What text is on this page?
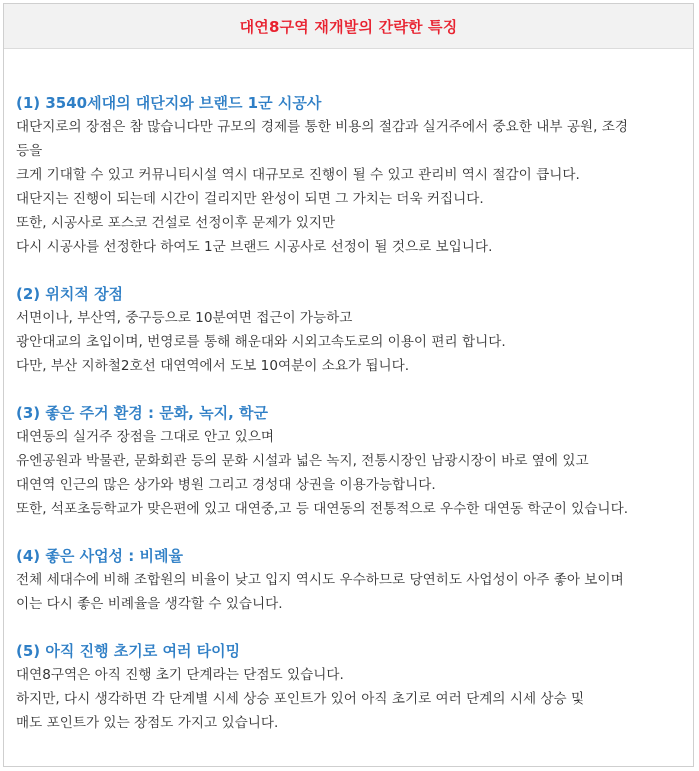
대연8구역 재개발의 간략한 특징
(1) 3540세대의 대단지와 브랜드 1군 시공사
대단지로의 장점은 참 많습니다만 규모의 경제를 통한 비용의 절감과 실거주에서 중요한 내부 공원, 조경
등을
크게 기대할 수 있고 커뮤니티시설 역시 대규모로 진행이 될 수 있고 관리비 역시 절감이 큽니다.
대단지는 진행이 되는데 시간이 걸리지만 완성이 되면 그 가치는 더욱 커집니다.
또한, 시공사로 포스코 건설로 선정이후 문제가 있지만
다시 시공사를 선정한다 하여도 1군 브랜드 시공사로 선정이 될 것으로 보입니다.
(2) 위치적 장점
서면이나, 부산역, 중구등으로 10분여면 접근이 가능하고
광안대교의 초입이며, 번영로를 통해 해운대와 시외고속도로의 이용이 편리 합니다.
다만, 부산 지하철2호선 대연역에서 도보 10여분이 소요가 됩니다.
(3) 좋은 주거 환경 : 문화, 녹지, 학군
대연동의 실거주 장점을 그대로 안고 있으며
유엔공원과 박물관, 문화회관 등의 문화 시설과 넓은 녹지, 전통시장인 남광시장이 바로 옆에 있고
대연역 인근의 많은 상가와 병원 그리고 경성대 상권을 이용가능합니다.
또한, 석포초등학교가 맞은편에 있고 대연중,고 등 대연동의 전통적으로 우수한 대연동 학군이 있습니다.
(4) 좋은 사업성 : 비례율
전체 세대수에 비해 조합원의 비율이 낮고 입지 역시도 우수하므로 당연히도 사업성이 아주 좋아 보이며
이는 다시 좋은 비례율을 생각할 수 있습니다.
(5) 아직 진행 초기로 여러 타이밍
대연8구역은 아직 진행 초기 단계라는 단점도 있습니다.
하지만, 다시 생각하면 각 단계별 시세 상승 포인트가 있어 아직 초기로 여러 단계의 시세 상승 및
매도 포인트가 있는 장점도 가지고 있습니다.
